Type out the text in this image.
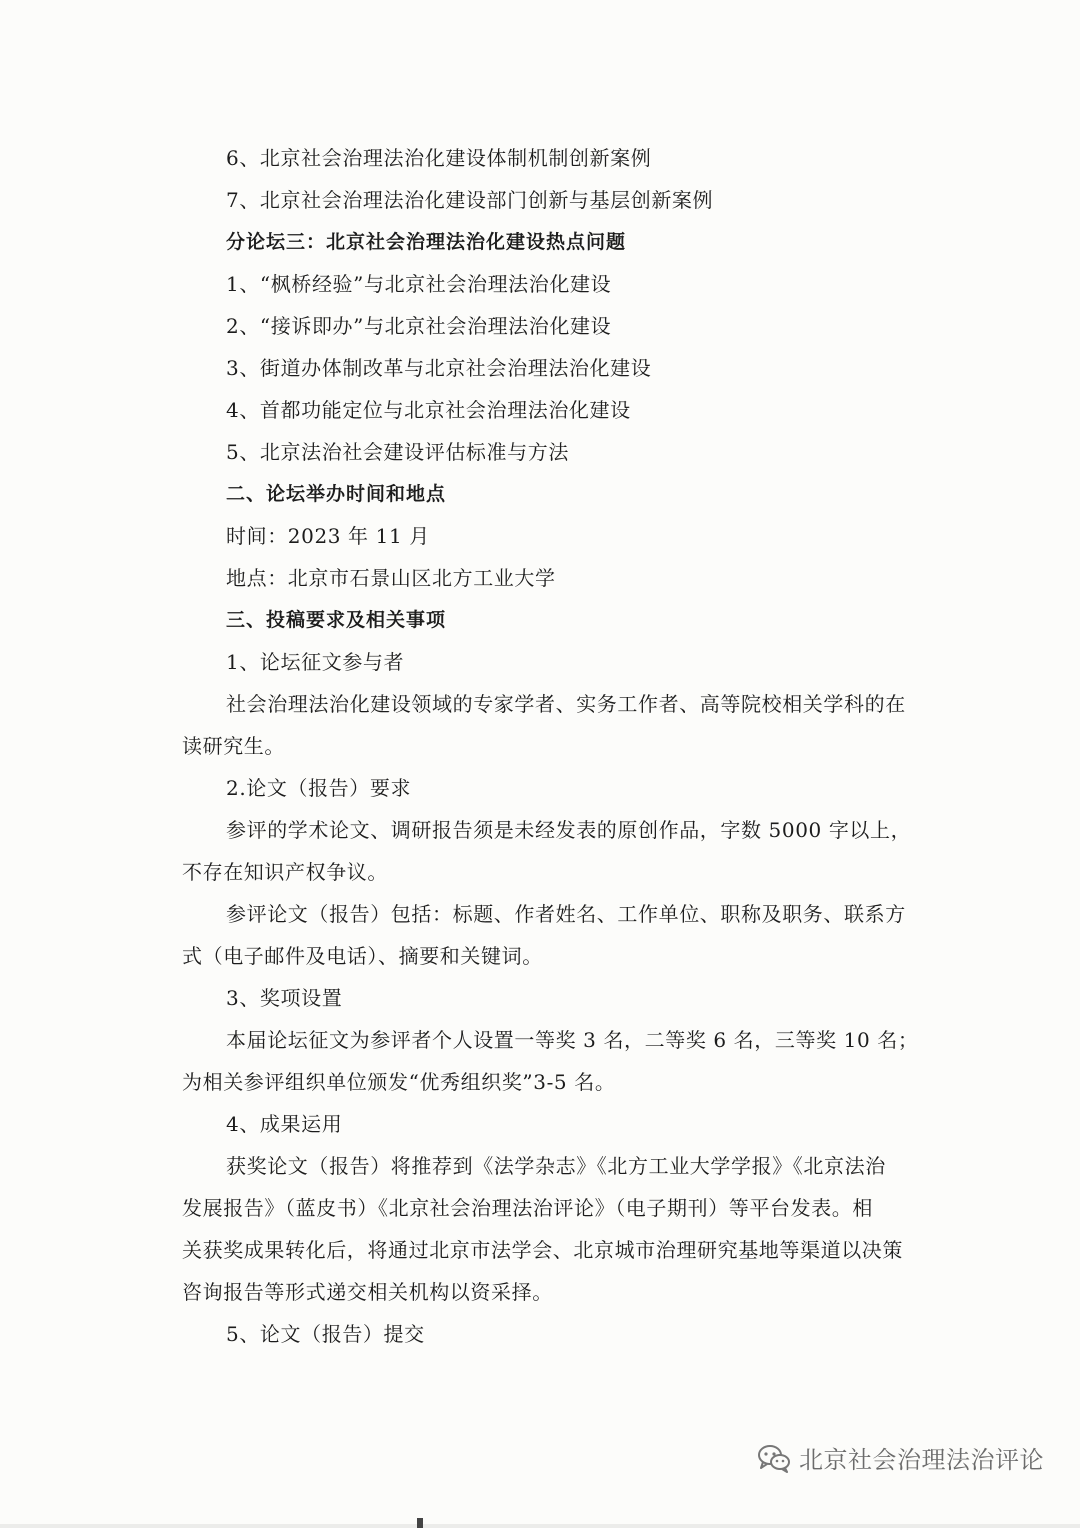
6、北京社会治理法治化建设体制机制创新案例
7、北京社会治理法治化建设部门创新与基层创新案例
分论坛三：北京社会治理法治化建设热点问题
1、“枫桥经验”与北京社会治理法治化建设
2、“接诉即办”与北京社会治理法治化建设
3、街道办体制改革与北京社会治理法治化建设
4、首都功能定位与北京社会治理法治化建设
5、北京法治社会建设评估标准与方法
二、论坛举办时间和地点
时间：2023 年 11 月
地点：北京市石景山区北方工业大学
三、投稿要求及相关事项
1、论坛征文参与者
社会治理法治化建设领域的专家学者、实务工作者、高等院校相关学科的在
读研究生。
2.论文（报告）要求
参评的学术论文、调研报告须是未经发表的原创作品，字数 5000 字以上，
不存在知识产权争议。
参评论文（报告）包括：标题、作者姓名、工作单位、职称及职务、联系方
式（电子邮件及电话）、摘要和关键词。
3、奖项设置
本届论坛征文为参评者个人设置一等奖 3 名，二等奖 6 名，三等奖 10 名；
为相关参评组织单位颁发“优秀组织奖”3-5 名。
4、成果运用
获奖论文（报告）将推荐到《法学杂志》《北方工业大学学报》《北京法治
发展报告》（蓝皮书）《北京社会治理法治评论》（电子期刊）等平台发表。相
关获奖成果转化后，将通过北京市法学会、北京城市治理研究基地等渠道以决策
咨询报告等形式递交相关机构以资采择。
5、论文（报告）提交
北京社会治理法治评论
